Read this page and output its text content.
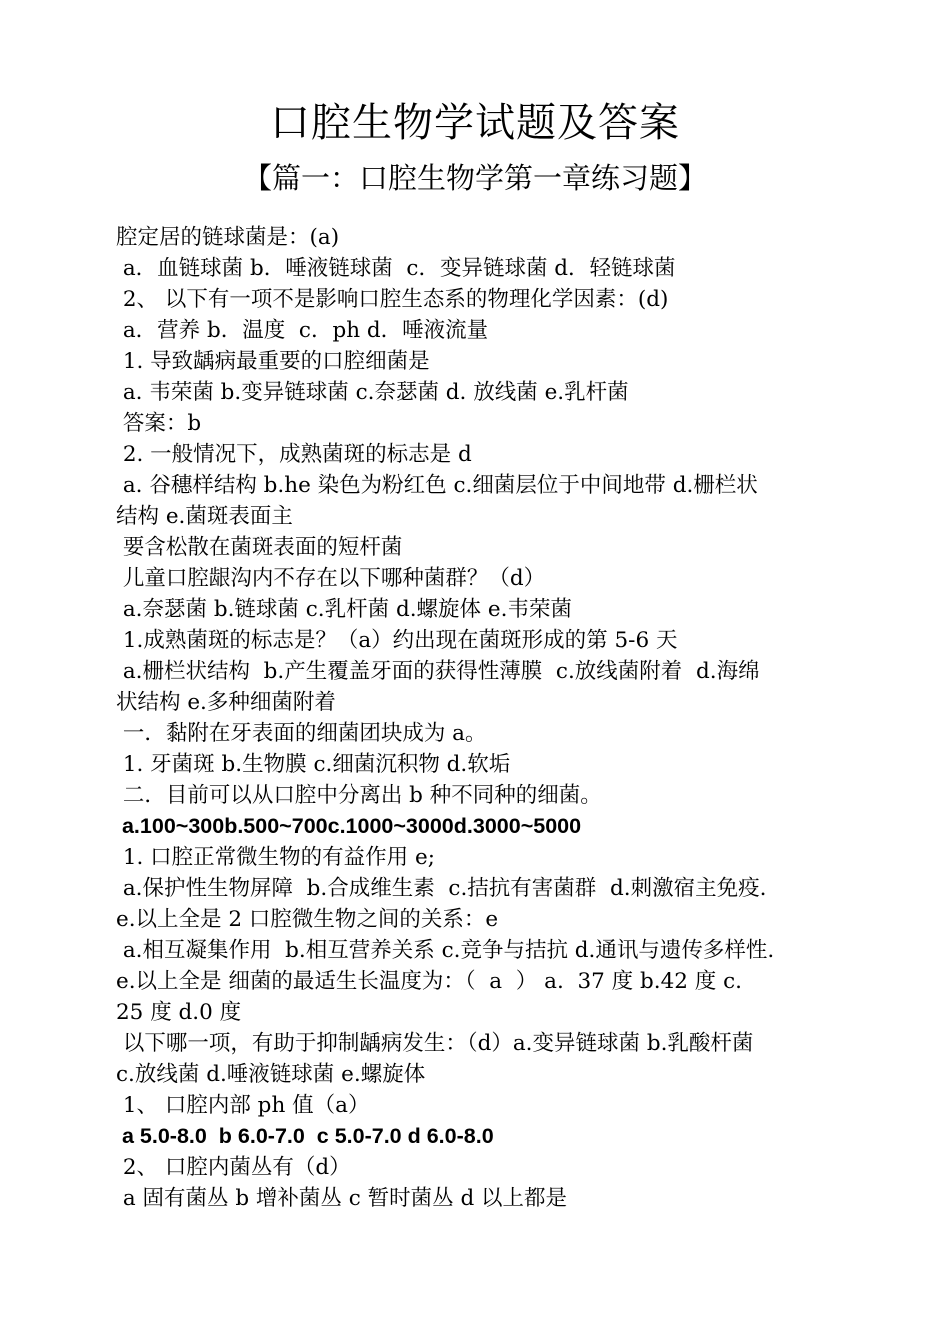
口腔生物学试题及答案
【篇一：口腔生物学第一章练习题】
腔定居的链球菌是：(a)
a．血链球菌 b．唾液链球菌  c．变异链球菌 d．轻链球菌
2、 以下有一项不是影响口腔生态系的物理化学因素：(d)
a．营养 b．温度  c．ph d．唾液流量
1. 导致龋病最重要的口腔细菌是
a. 韦荣菌 b.变异链球菌 c.奈瑟菌 d. 放线菌 e.乳杆菌
答案：b
2. 一般情况下，成熟菌斑的标志是 d
a. 谷穗样结构 b.he 染色为粉红色 c.细菌层位于中间地带 d.栅栏状
结构 e.菌斑表面主
要含松散在菌斑表面的短杆菌
儿童口腔龈沟内不存在以下哪种菌群？（d）
a.奈瑟菌 b.链球菌 c.乳杆菌 d.螺旋体 e.韦荣菌
1.成熟菌斑的标志是？（a）约出现在菌斑形成的第 5-6 天
a.栅栏状结构  b.产生覆盖牙面的获得性薄膜  c.放线菌附着  d.海绵
状结构 e.多种细菌附着
一．黏附在牙表面的细菌团块成为 a。
1. 牙菌斑 b.生物膜 c.细菌沉积物 d.软垢
二．目前可以从口腔中分离出 b 种不同种的细菌。
a.100~300b.500~700c.1000~3000d.3000~5000
1. 口腔正常微生物的有益作用 e;
a.保护性生物屏障  b.合成维生素  c.拮抗有害菌群  d.刺激宿主免疫.
e.以上全是 2 口腔微生物之间的关系：e
a.相互凝集作用  b.相互营养关系 c.竞争与拮抗 d.通讯与遗传多样性.
e.以上全是 细菌的最适生长温度为：（  a  ） a.  37 度 b.42 度 c.
25 度 d.0 度
以下哪一项，有助于抑制龋病发生：（d）a.变异链球菌 b.乳酸杆菌
c.放线菌 d.唾液链球菌 e.螺旋体
1、 口腔内部 ph 值（a）
a 5.0-8.0  b 6.0-7.0  c 5.0-7.0 d 6.0-8.0
2、 口腔内菌丛有（d）
a 固有菌丛 b 增补菌丛 c 暂时菌丛 d 以上都是
